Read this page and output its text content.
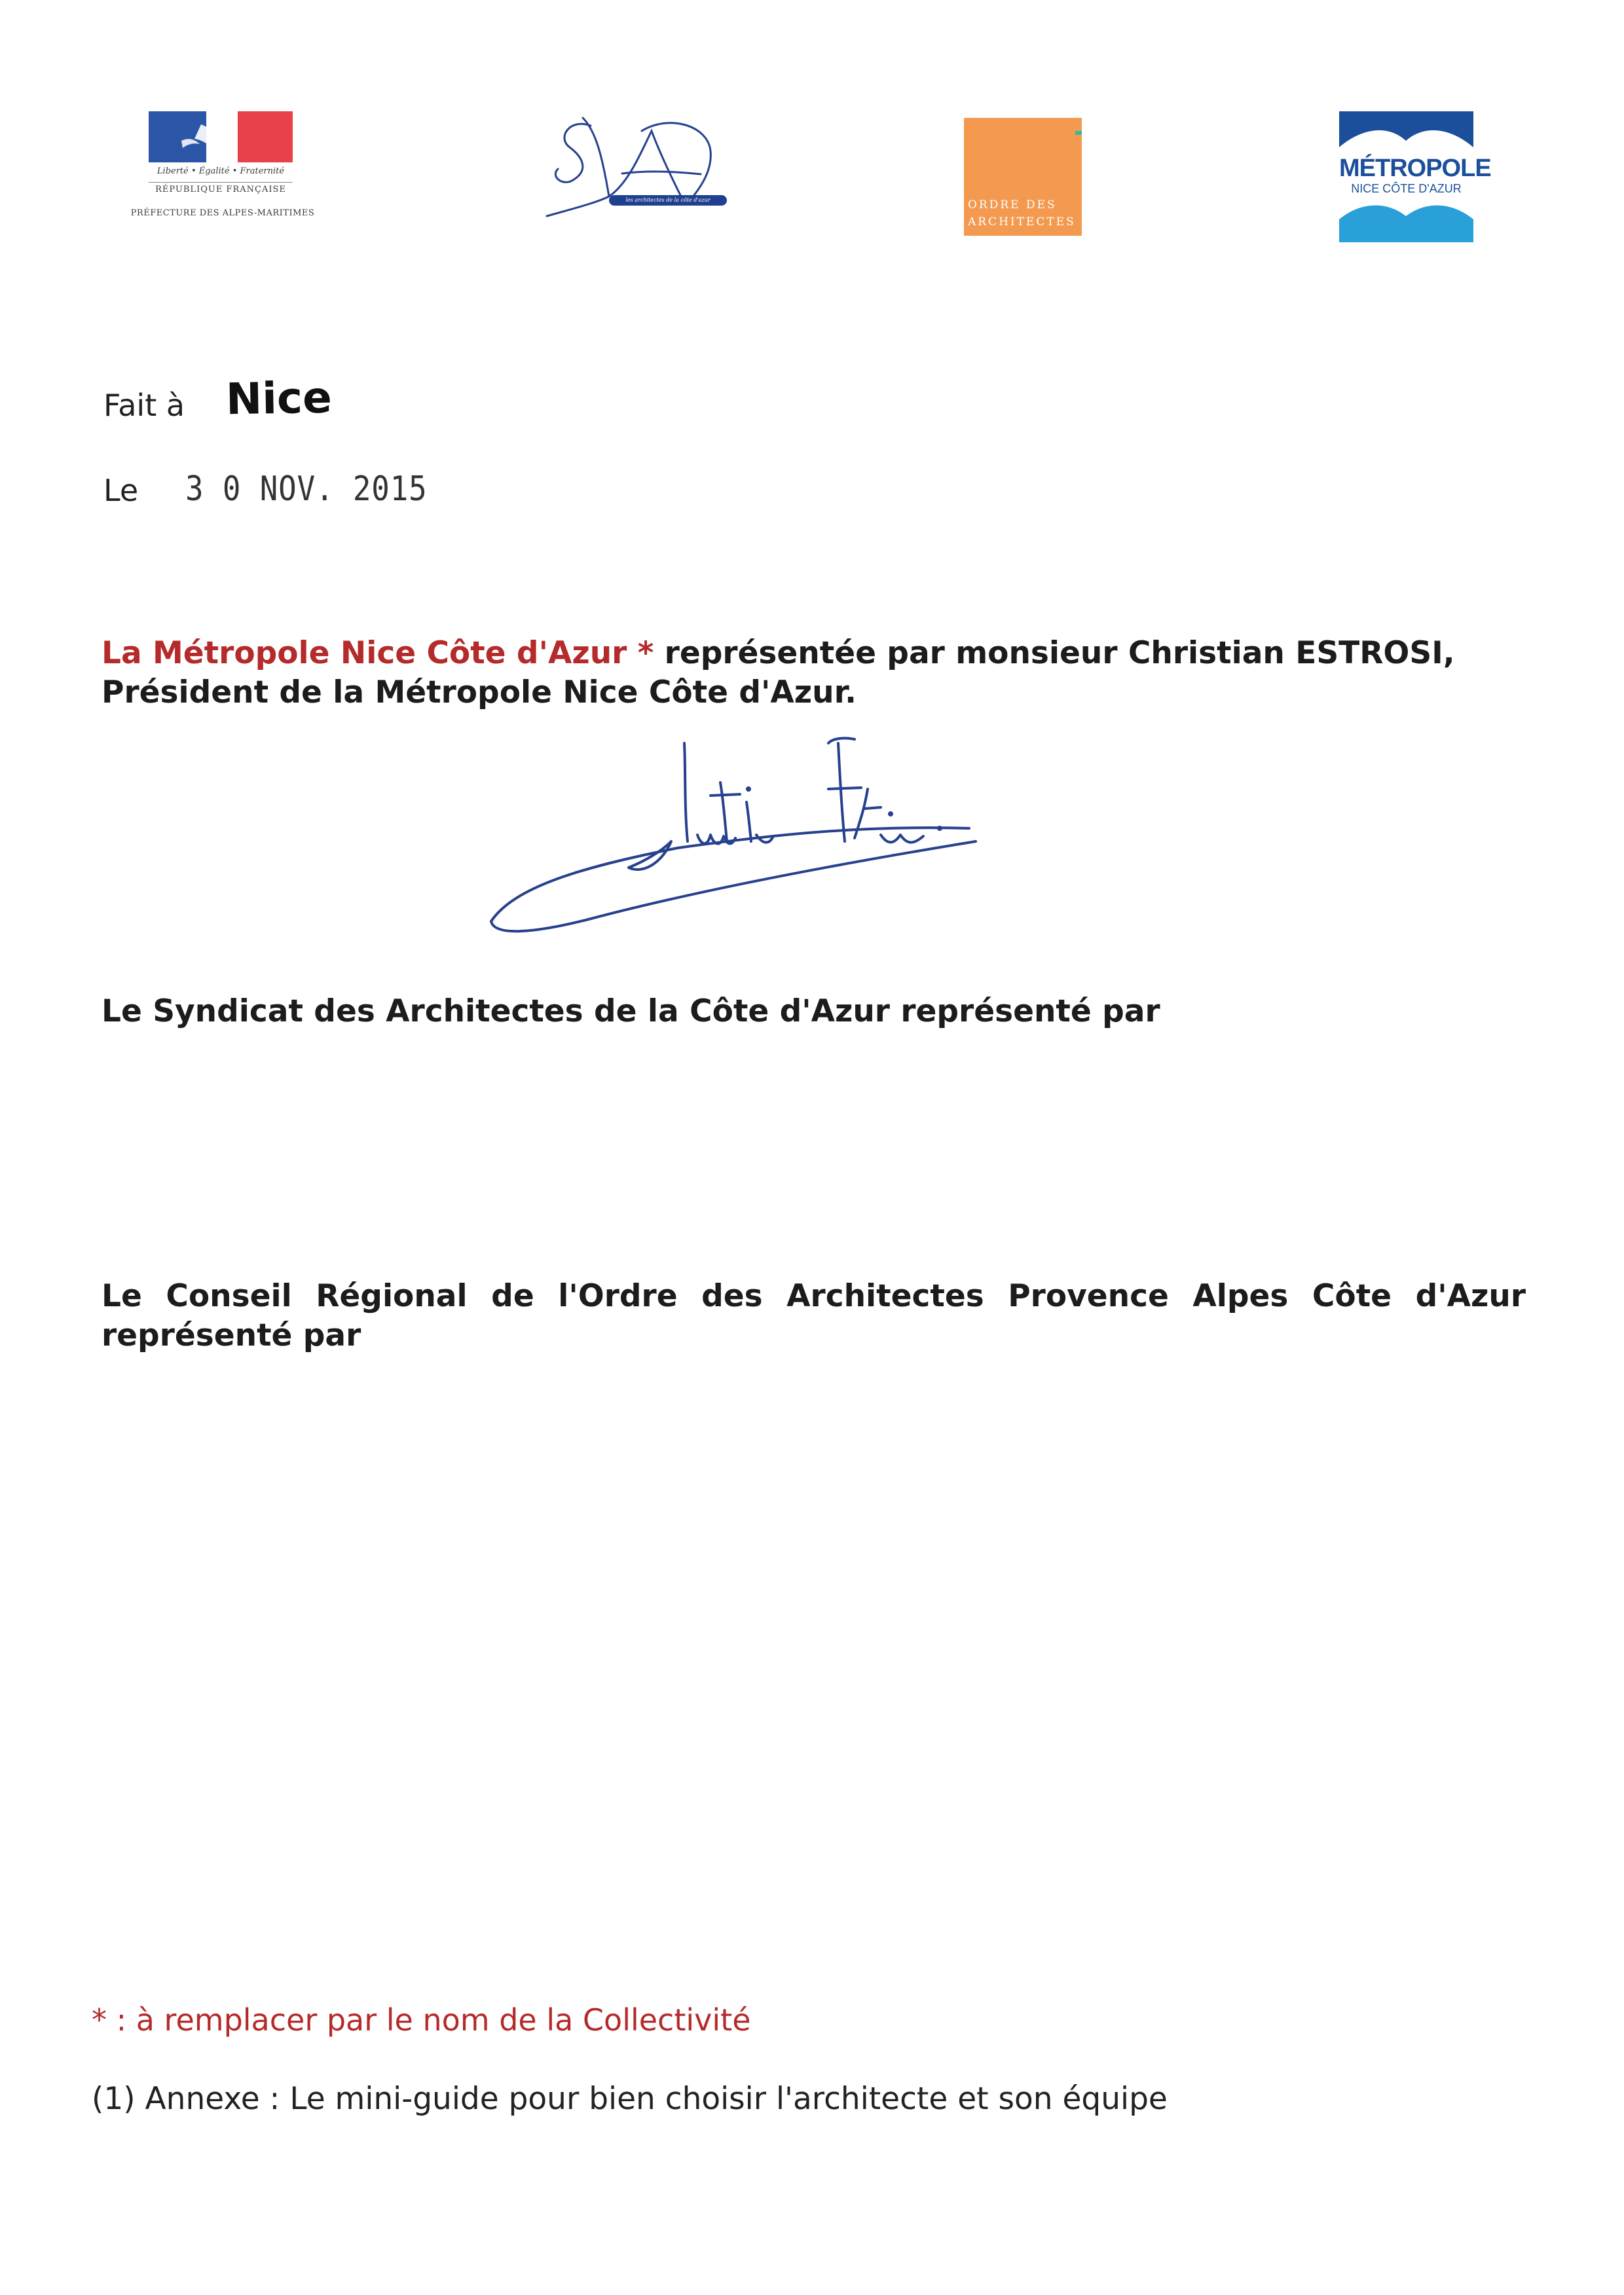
Liberté • Égalité • Fraternité
RÉPUBLIQUE FRANÇAISE
PRÉFECTURE DES ALPES-MARITIMES
les architectes de la côte d'azur	ORDRE DES
ARCHITECTES
MÉTROPOLE
NICE CÔTE D'AZUR
Fait à Nice
Le 3 0 NOV. 2015
La Métropole Nice Côte d'Azur * représentée par monsieur Christian ESTROSI, Président de la Métropole Nice Côte d'Azur.
Le Syndicat des Architectes de la Côte d'Azur représenté par
Le Conseil Régional de l'Ordre des Architectes Provence Alpes Côte d'Azur représenté par
* : à remplacer par le nom de la Collectivité
(1) Annexe : Le mini-guide pour bien choisir l'architecte et son équipe
